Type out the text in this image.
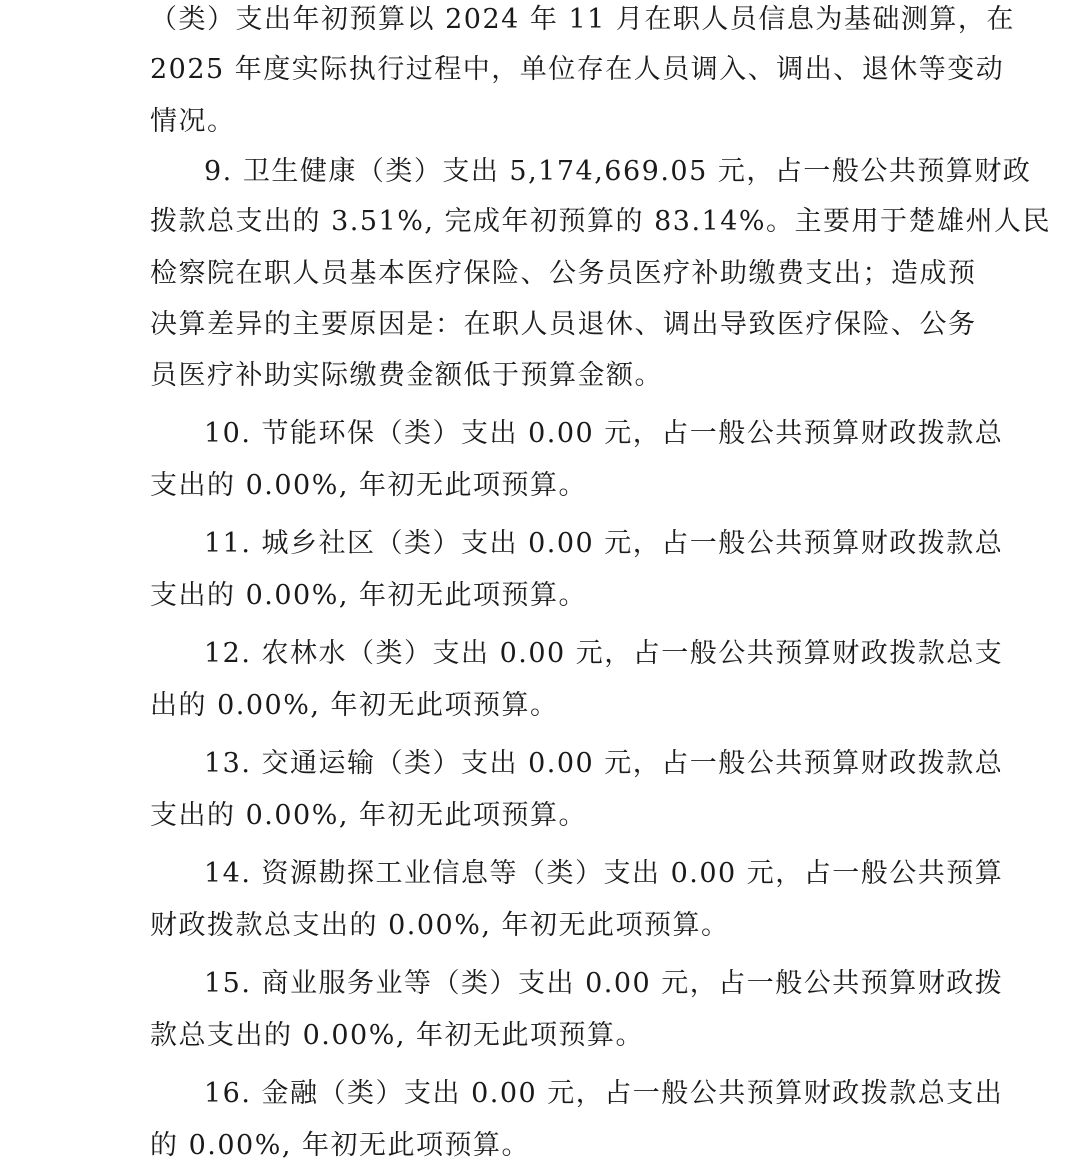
（类）支出年初预算以 2024 年 11 月在职人员信息为基础测算，在
2025 年度实际执行过程中，单位存在人员调入、调出、退休等变动
情况。
9. 卫生健康（类）支出 5,174,669.05 元，占一般公共预算财政
拨款总支出的 3.51%, 完成年初预算的 83.14%。主要用于楚雄州人民
检察院在职人员基本医疗保险、公务员医疗补助缴费支出；造成预
决算差异的主要原因是：在职人员退休、调出导致医疗保险、公务
员医疗补助实际缴费金额低于预算金额。
10. 节能环保（类）支出 0.00 元，占一般公共预算财政拨款总
支出的 0.00%, 年初无此项预算。
11. 城乡社区（类）支出 0.00 元，占一般公共预算财政拨款总
支出的 0.00%, 年初无此项预算。
12. 农林水（类）支出 0.00 元，占一般公共预算财政拨款总支
出的 0.00%, 年初无此项预算。
13. 交通运输（类）支出 0.00 元，占一般公共预算财政拨款总
支出的 0.00%, 年初无此项预算。
14. 资源勘探工业信息等（类）支出 0.00 元，占一般公共预算
财政拨款总支出的 0.00%, 年初无此项预算。
15. 商业服务业等（类）支出 0.00 元，占一般公共预算财政拨
款总支出的 0.00%, 年初无此项预算。
16. 金融（类）支出 0.00 元，占一般公共预算财政拨款总支出
的 0.00%, 年初无此项预算。
